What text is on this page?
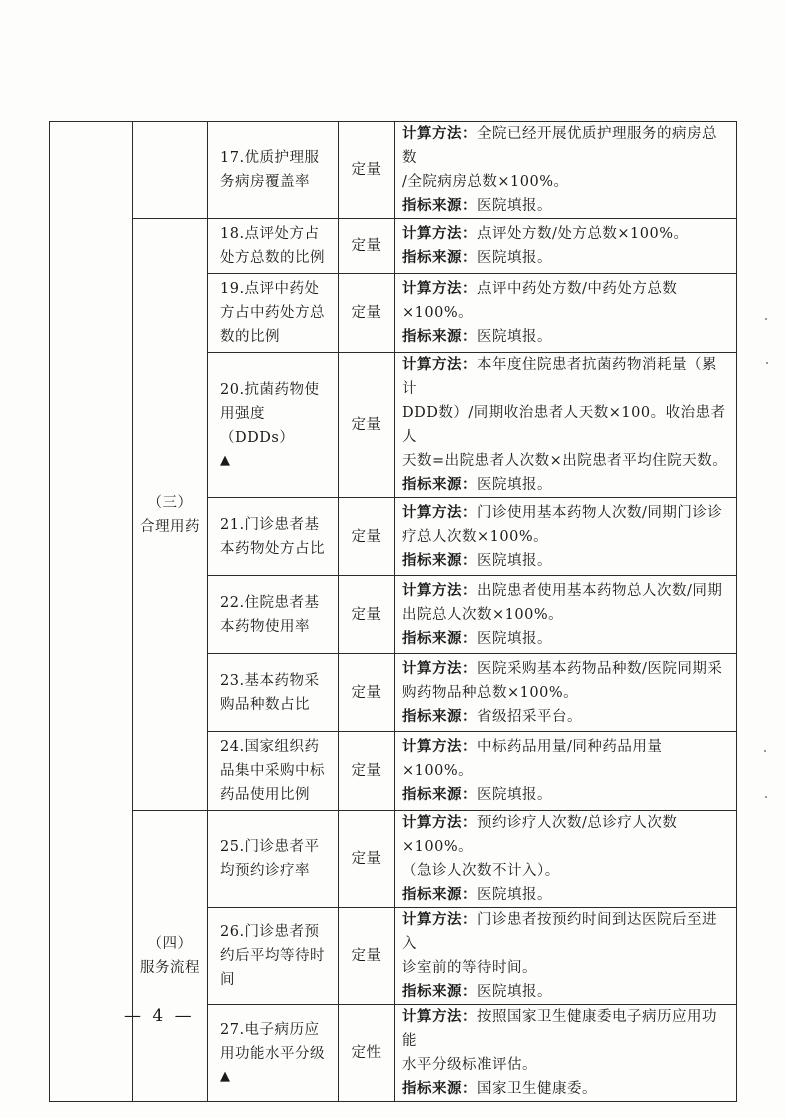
		17.优质护理服
务病房覆盖率	定量	计算方法：全院已经开展优质护理服务的病房总数
/全院病房总数×100%。
指标来源：医院填报。

	（三）
合理用药	18.点评处方占
处方总数的比例	定量	计算方法：点评处方数/处方总数×100%。
指标来源：医院填报。

		19.点评中药处
方占中药处方总
数的比例	定量	计算方法：点评中药处方数/中药处方总数×100%。
指标来源：医院填报。

		20.抗菌药物使
用强度（DDDs）
▲	定量	计算方法：本年度住院患者抗菌药物消耗量（累计
DDD数）/同期收治患者人天数×100。收治患者人
天数=出院患者人次数×出院患者平均住院天数。
指标来源：医院填报。

		21.门诊患者基
本药物处方占比	定量	计算方法：门诊使用基本药物人次数/同期门诊诊
疗总人次数×100%。
指标来源：医院填报。

		22.住院患者基
本药物使用率	定量	计算方法：出院患者使用基本药物总人次数/同期
出院总人次数×100%。
指标来源：医院填报。

		23.基本药物采
购品种数占比	定量	计算方法：医院采购基本药物品种数/医院同期采
购药物品种总数×100%。
指标来源：省级招采平台。

		24.国家组织药
品集中采购中标
药品使用比例	定量	计算方法：中标药品用量/同种药品用量×100%。
指标来源：医院填报。

	（四）
服务流程	25.门诊患者平
均预约诊疗率	定量	计算方法：预约诊疗人次数/总诊疗人次数×100%。
（急诊人次数不计入）。
指标来源：医院填报。

		26.门诊患者预
约后平均等待时
间	定量	计算方法：门诊患者按预约时间到达医院后至进入
诊室前的等待时间。
指标来源：医院填报。

		27.电子病历应
用功能水平分级
▲	定性	计算方法：按照国家卫生健康委电子病历应用功能
水平分级标准评估。
指标来源：国家卫生健康委。
— 4 —
